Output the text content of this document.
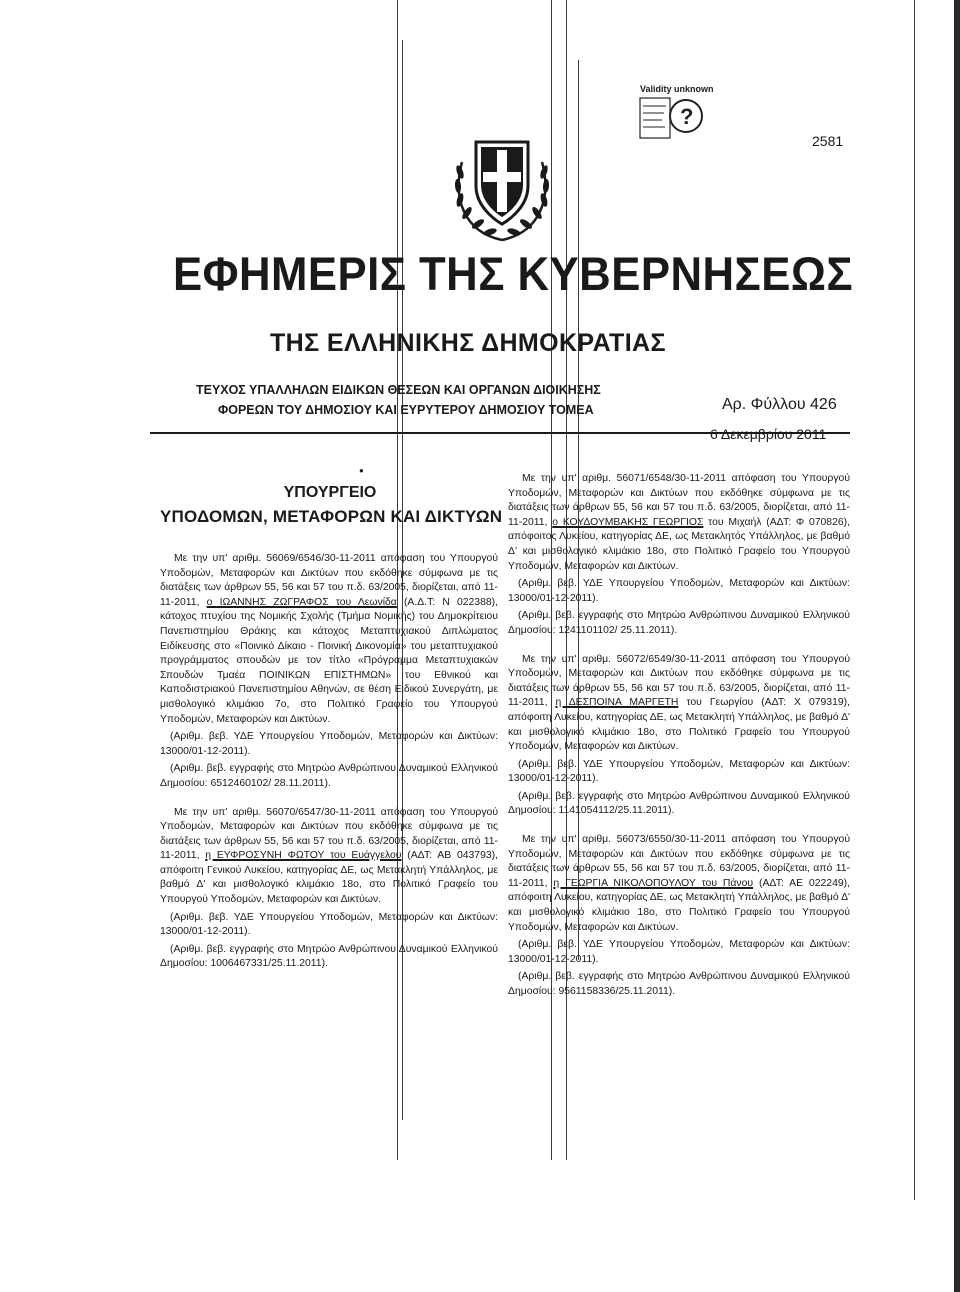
?
Validity unknown
2581
ΕΦΗΜΕΡΙΣ ΤΗΣ ΚΥΒΕΡΝΗΣΕΩΣ
ΤΗΣ ΕΛΛΗΝΙΚΗΣ ΔΗΜΟΚΡΑΤΙΑΣ
ΤΕΥΧΟΣ ΥΠΑΛΛΗΛΩΝ ΕΙΔΙΚΩΝ ΘΕΣΕΩΝ ΚΑΙ ΟΡΓΑΝΩΝ ΔΙΟΙΚΗΣΗΣ
ΦΟΡΕΩΝ ΤΟΥ ΔΗΜΟΣΙΟΥ ΚΑΙ ΕΥΡΥΤΕΡΟΥ ΔΗΜΟΣΙΟΥ ΤΟΜΕΑ	Αρ. Φύλλου 426
6 Δεκεμβρίου 2011
●
ΥΠΟΥΡΓΕΙΟ
ΥΠΟΔΟΜΩΝ, ΜΕΤΑΦΟΡΩΝ ΚΑΙ ΔΙΚΤΥΩΝ

Με την υπ' αριθμ. 56069/6546/30-11-2011 απόφαση του Υπουργού Υποδομών, Μεταφορών και Δικτύων που εκδόθηκε σύμφωνα με τις διατάξεις των άρθρων 55, 56 και 57 του π.δ. 63/2005, διορίζεται, από 11-11-2011, ο ΙΩΑΝΝΗΣ ΖΩΓΡΑΦΟΣ του Λεωνίδα (Α.Δ.Τ: Ν 022388), κάτοχος πτυχίου της Νομικής Σχολής (Τμήμα Νομικής) του Δημοκρίτειου Πανεπιστημίου Θράκης και κάτοχος Μεταπτυχιακού Διπλώματος Ειδίκευσης στο «Ποινικό Δίκαιο - Ποινική Δικονομία» του μεταπτυχιακού προγράμματος σπουδών με τον τίτλο «Πρόγραμμα Μεταπτυχιακών Σπουδών Τμαέα ΠΟΙΝΙΚΩΝ ΕΠΙΣΤΗΜΩΝ» του Εθνικού και Καποδιστριακού Πανεπιστημίου Αθηνών, σε θέση Ειδικού Συνεργάτη, με μισθολογικό κλιμάκιο 7ο, στο Πολιτικό Γραφείο του Υπουργού Υποδομών, Μεταφορών και Δικτύων.

(Αριθμ. βεβ. ΥΔΕ Υπουργείου Υποδομών, Μεταφορών και Δικτύων: 13000/01-12-2011).

(Αριθμ. βεβ. εγγραφής στο Μητρώο Ανθρώπινου Δυναμικού Ελληνικού Δημοσίου: 6512460102/ 28.11.2011).

Με την υπ' αριθμ. 56070/6547/30-11-2011 απόφαση του Υπουργού Υποδομών, Μεταφορών και Δικτύων που εκδόθηκε σύμφωνα με τις διατάξεις των άρθρων 55, 56 και 57 του π.δ. 63/2005, διορίζεται, από 11-11-2011, η ΕΥΦΡΟΣΥΝΗ ΦΩΤΟΥ του Ευάγγελου (ΑΔΤ: ΑΒ 043793), απόφοιτη Γενικού Λυκείου, κατηγορίας ΔΕ, ως Μετακλητή Υπάλληλος, με βαθμό Δ' και μισθολογικό κλιμάκιο 18ο, στο Πολιτικό Γραφείο του Υπουργού Υποδομών, Μεταφορών και Δικτύων.

(Αριθμ. βεβ. ΥΔΕ Υπουργείου Υποδομών, Μεταφορών και Δικτύων: 13000/01-12-2011).

(Αριθμ. βεβ. εγγραφής στο Μητρώο Ανθρώπινου Δυναμικού Ελληνικού Δημοσίου: 1006467331/25.11.2011).

Με την υπ' αριθμ. 56071/6548/30-11-2011 απόφαση του Υπουργού Υποδομών, Μεταφορών και Δικτύων που εκδόθηκε σύμφωνα με τις διατάξεις των άρθρων 55, 56 και 57 του π.δ. 63/2005, διορίζεται, από 11-11-2011, ο ΚΟΥΔΟΥΜΒΑΚΗΣ ΓΕΩΡΓΙΟΣ του Μιχαήλ (ΑΔΤ: Φ 070826), απόφοιτος Λυκείου, κατηγορίας ΔΕ, ως Μετακλητός Υπάλληλος, με βαθμό Δ' και μισθολογικό κλιμάκιο 18ο, στο Πολιτικό Γραφείο του Υπουργού Υποδομών, Μεταφορών και Δικτύων.

(Αριθμ. βεβ. ΥΔΕ Υπουργείου Υποδομών, Μεταφορών και Δικτύων: 13000/01-12-2011).

(Αριθμ. βεβ. εγγραφής στο Μητρώο Ανθρώπινου Δυναμικού Ελληνικού Δημοσίου: 1241101102/ 25.11.2011).

Με την υπ' αριθμ. 56072/6549/30-11-2011 απόφαση του Υπουργού Υποδομών, Μεταφορών και Δικτύων που εκδόθηκε σύμφωνα με τις διατάξεις των άρθρων 55, 56 και 57 του π.δ. 63/2005, διορίζεται, από 11-11-2011, η ΔΕΣΠΟΙΝΑ ΜΑΡΓΕΤΗ του Γεωργίου (ΑΔΤ: Χ 079319), απόφοιτη Λυκείου, κατηγορίας ΔΕ, ως Μετακλητή Υπάλληλος, με βαθμό Δ' και μισθολογικό κλιμάκιο 18ο, στο Πολιτικό Γραφείο του Υπουργού Υποδομών, Μεταφορών και Δικτύων.

(Αριθμ. βεβ. ΥΔΕ Υπουργείου Υποδομών, Μεταφορών και Δικτύων: 13000/01-12-2011).

(Αριθμ. βεβ. εγγραφής στο Μητρώο Ανθρώπινου Δυναμικού Ελληνικού Δημοσίου: 1141054112/25.11.2011).

Με την υπ' αριθμ. 56073/6550/30-11-2011 απόφαση του Υπουργού Υποδομών, Μεταφορών και Δικτύων που εκδόθηκε σύμφωνα με τις διατάξεις των άρθρων 55, 56 και 57 του π.δ. 63/2005, διορίζεται, από 11-11-2011, η ΓΕΩΡΓΙΑ ΝΙΚΟΛΟΠΟΥΛΟΥ του Πάνου (ΑΔΤ: ΑΕ 022249), απόφοιτη Λυκείου, κατηγορίας ΔΕ, ως Μετακλητή Υπάλληλος, με βαθμό Δ' και μισθολογικό κλιμάκιο 18ο, στο Πολιτικό Γραφείο του Υπουργού Υποδομών, Μεταφορών και Δικτύων.

(Αριθμ. βεβ. ΥΔΕ Υπουργείου Υποδομών, Μεταφορών και Δικτύων: 13000/01-12-2011).

(Αριθμ. βεβ. εγγραφής στο Μητρώο Ανθρώπινου Δυναμικού Ελληνικού Δημοσίου: 9561158336/25.11.2011).
